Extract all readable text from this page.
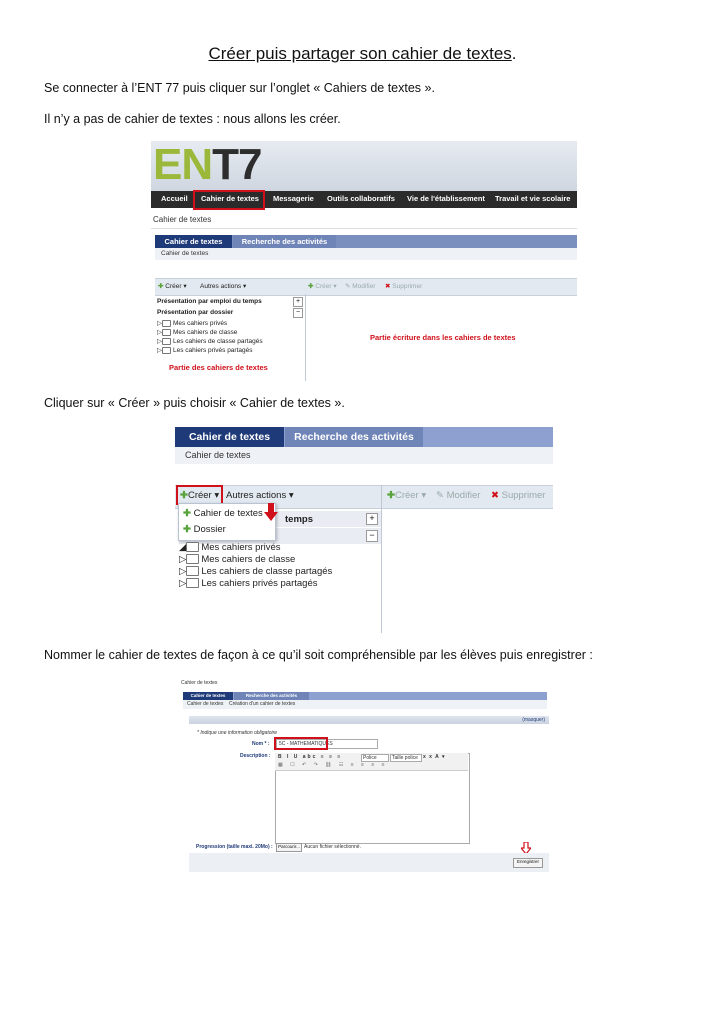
Créer puis partager son cahier de textes.
Se connecter à l’ENT 77 puis cliquer sur l’onglet « Cahiers de textes ».
Il n’y a pas de cahier de textes : nous allons les créer.
ENT7
Accueil Cahier de textes Messagerie Outils collaboratifs Vie de l'établissement Travail et vie scolaire
Cahier de textes
Cahier de textes	Recherche des activités
Cahier de textes
✚ Créer ▾ Autres actions ▾	✚ Créer ▾ ✎ Modifier ✖ Supprimer
Présentation par emploi du temps	+
Présentation par dossier	−
▷ Mes cahiers privés
▷ Mes cahiers de classe
▷ Les cahiers de classe partagés
▷ Les cahiers privés partagés
Partie des cahiers de textes
Partie écriture dans les cahiers de textes
Cliquer sur « Créer » puis choisir « Cahier de textes ».
Cahier de textes	Recherche des activités
Cahier de textes
✚Créer ▾ Autres actions ▾	✚Créer ▾ ✎ Modifier ✖ Supprimer
temps	+
−
✚ Cahier de textes
✚ Dossier
◢ Mes cahiers privés
▷ Mes cahiers de classe
▷ Les cahiers de classe partagés
▷ Les cahiers privés partagés
Nommer le cahier de textes de façon à ce qu’il soit compréhensible par les élèves puis enregistrer :
Cahier de textes
Cahier de textes	Recherche des activités
Cahier de textes Création d'un cahier de textes
(masquer)
* Indique une information obligatoire
Nom * : 5C - MATHEMATIQUES
Description : B I U abc ≡ ≡ ≡	Police	Taille police x x A ▾
▦ ☐ ↶ ↷ ⛓ ☷ ≡ ≡ ≡ ≡
Progression (taille maxi. 20Mo) :	Parcourir... Aucun fichier sélectionné.
Enregistrer
